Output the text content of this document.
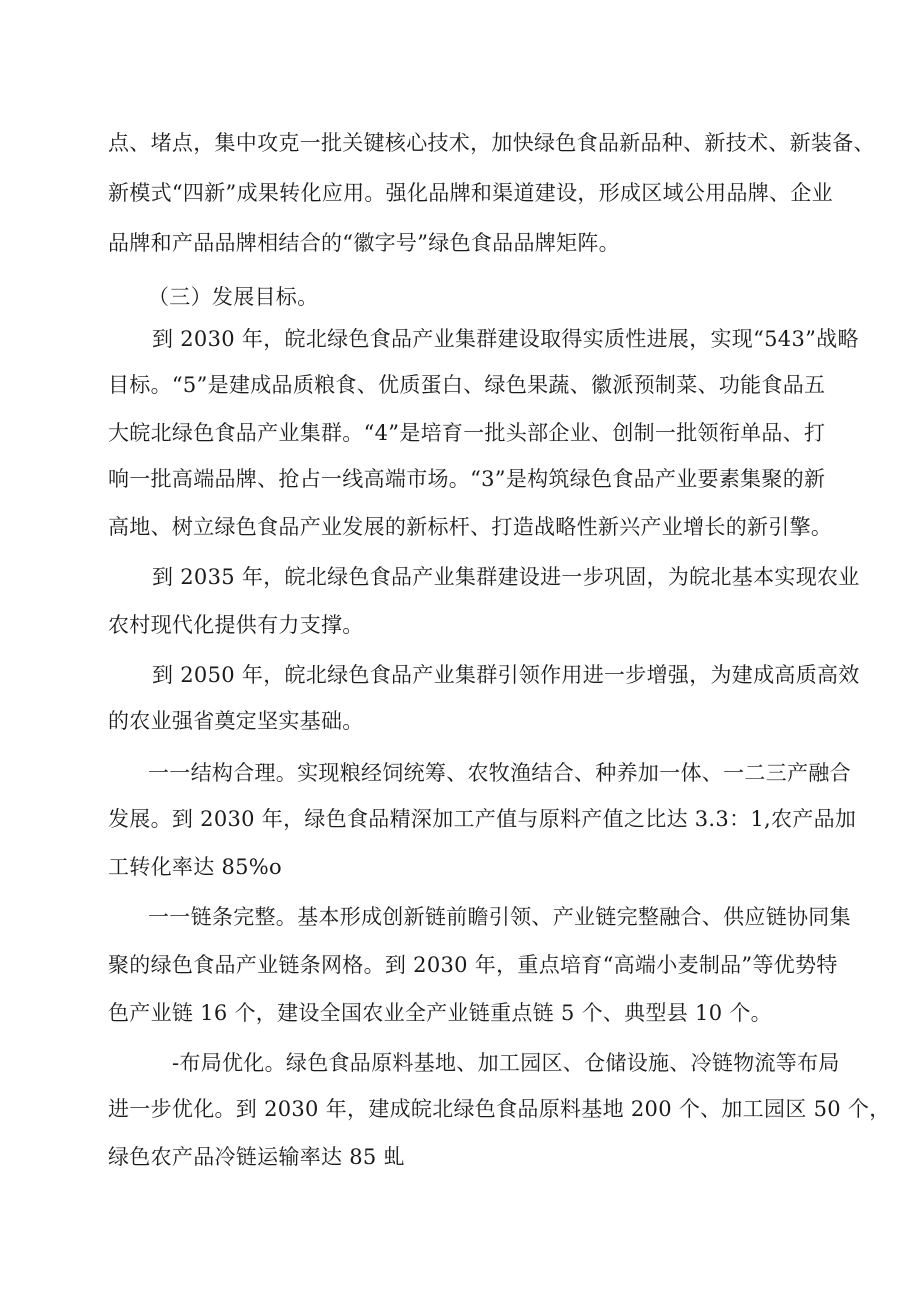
点、堵点，集中攻克一批关键核心技术，加快绿色食品新品种、新技术、新装备、

新模式“四新”成果转化应用。强化品牌和渠道建设，形成区域公用品牌、企业

品牌和产品品牌相结合的“徽字号”绿色食品品牌矩阵。

（三）发展目标。

到 2030 年，皖北绿色食品产业集群建设取得实质性进展，实现“543”战略

目标。“5”是建成品质粮食、优质蛋白、绿色果蔬、徽派预制菜、功能食品五

大皖北绿色食品产业集群。“4”是培育一批头部企业、创制一批领衔单品、打

响一批高端品牌、抢占一线高端市场。“3”是构筑绿色食品产业要素集聚的新

高地、树立绿色食品产业发展的新标杆、打造战略性新兴产业增长的新引擎。

到 2035 年，皖北绿色食品产业集群建设进一步巩固，为皖北基本实现农业

农村现代化提供有力支撑。

到 2050 年，皖北绿色食品产业集群引领作用进一步增强，为建成高质高效

的农业强省奠定坚实基础。

一一结构合理。实现粮经饲统筹、农牧渔结合、种养加一体、一二三产融合

发展。到 2030 年，绿色食品精深加工产值与原料产值之比达 3.3：1,农产品加

工转化率达 85%o

一一链条完整。基本形成创新链前瞻引领、产业链完整融合、供应链协同集

聚的绿色食品产业链条网格。到 2030 年，重点培育“高端小麦制品”等优势特

色产业链 16 个，建设全国农业全产业链重点链 5 个、典型县 10 个。

-布局优化。绿色食品原料基地、加工园区、仓储设施、冷链物流等布局

进一步优化。到 2030 年，建成皖北绿色食品原料基地 200 个、加工园区 50 个，

绿色农产品冷链运输率达 85 虬
